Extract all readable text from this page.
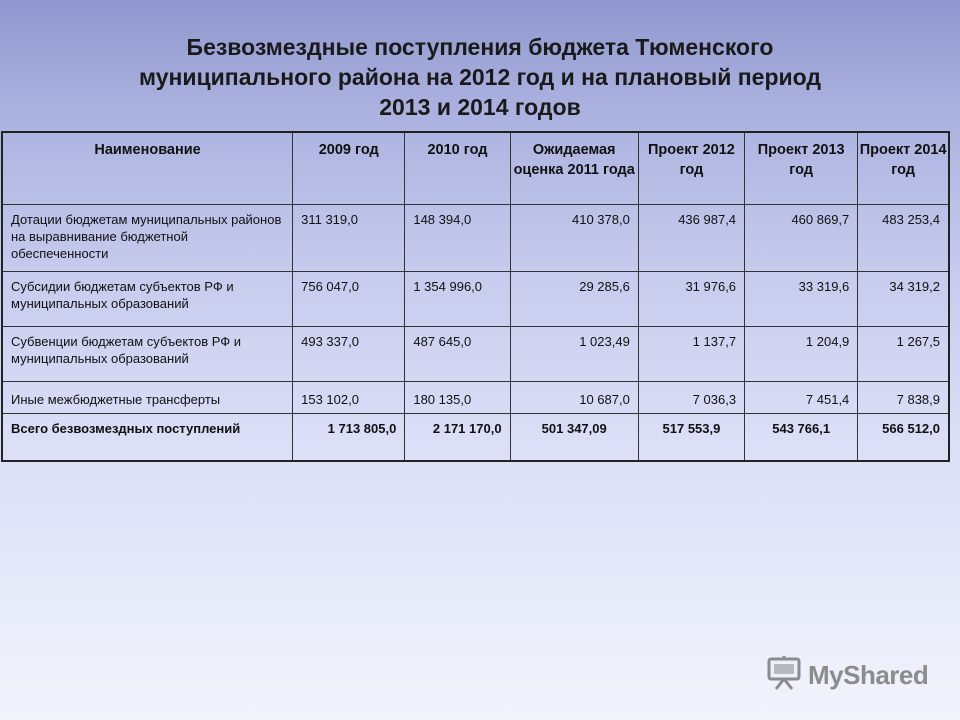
Безвозмездные поступления бюджета Тюменского
муниципального района на 2012 год и на плановый период
2013 и 2014 годов
Наименование	2009 год	2010 год	Ожидаемая оценка 2011 года	Проект 2012 год	Проект 2013 год	Проект 2014 год
Дотации бюджетам муниципальных районов на выравнивание бюджетной обеспеченности	311 319,0	148 394,0	410 378,0	436 987,4	460 869,7	483 253,4
Субсидии бюджетам субъектов РФ и муниципальных образований	756 047,0	1 354 996,0	29 285,6	31 976,6	33 319,6	34 319,2
Субвенции бюджетам субъектов РФ и муниципальных образований	493 337,0	487 645,0	1 023,49	1 137,7	1 204,9	1 267,5
Иные межбюджетные трансферты	153 102,0	180 135,0	10 687,0	7 036,3	7 451,4	7 838,9
Всего безвозмездных поступлений	1 713 805,0	2 171 170,0	501 347,09	517 553,9	543 766,1	566 512,0
MyShared
